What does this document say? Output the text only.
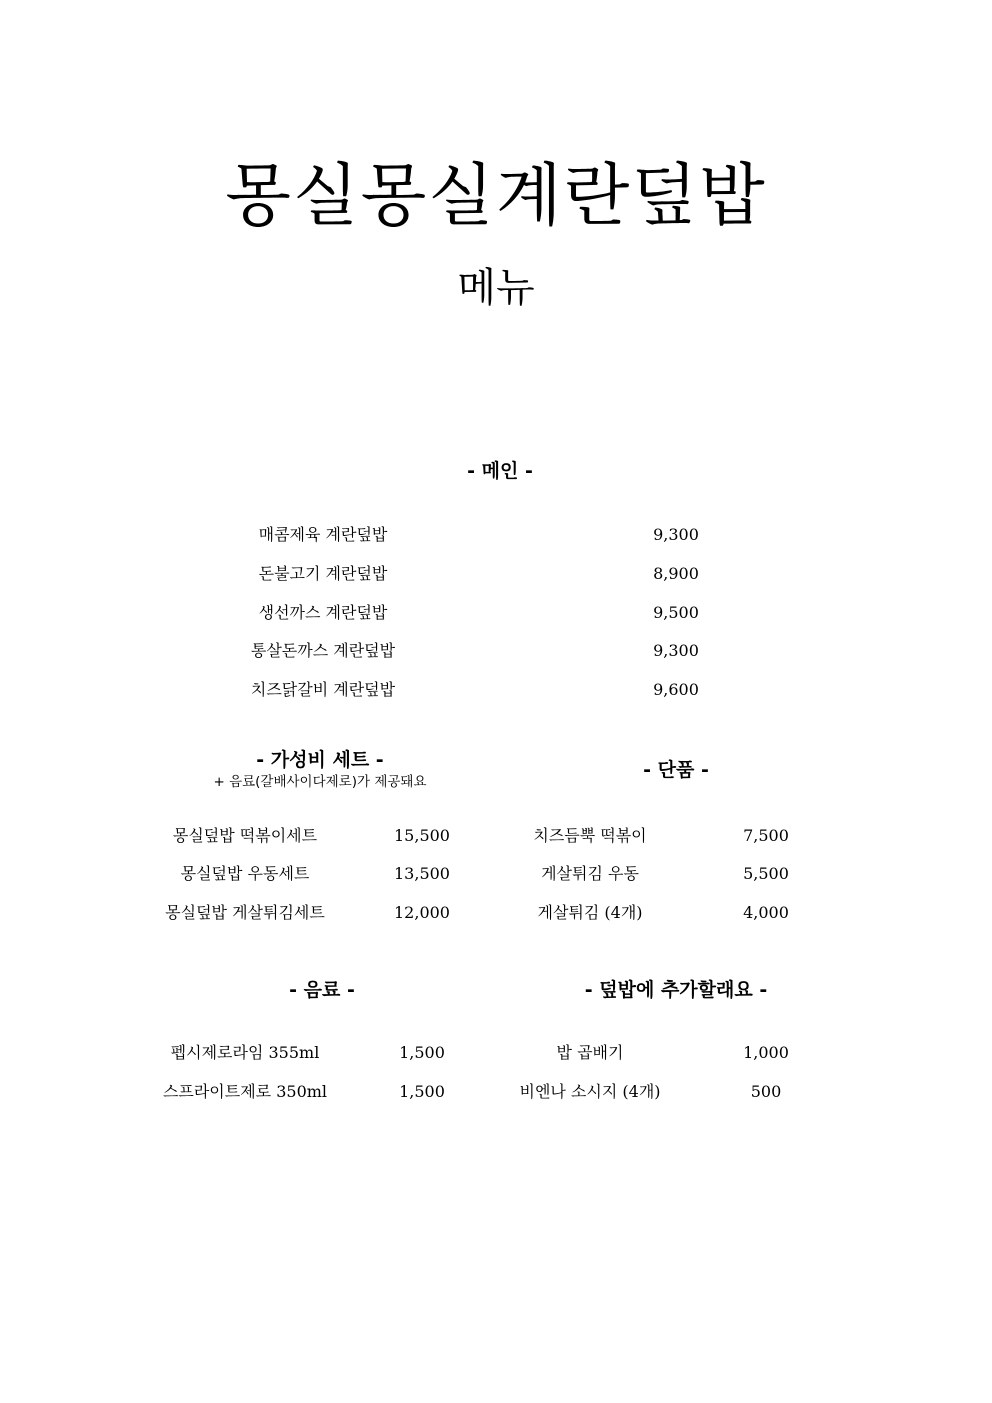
몽실몽실계란덮밥
메뉴
- 메인 -
매콤제육 계란덮밥	9,300
돈불고기 계란덮밥	8,900
생선까스 계란덮밥	9,500
통살돈까스 계란덮밥	9,300
치즈닭갈비 계란덮밥	9,600
- 가성비 세트 -
+ 음료(갈배사이다제로)가 제공돼요
몽실덮밥 떡볶이세트	15,500
몽실덮밥 우동세트	13,500
몽실덮밥 게살튀김세트	12,000
- 단품 -
치즈듬뿍 떡볶이	7,500
게살튀김 우동	5,500
게살튀김 (4개)	4,000
- 음료 -
펩시제로라임 355ml	1,500
스프라이트제로 350ml	1,500
- 덮밥에 추가할래요 -
밥 곱배기	1,000
비엔나 소시지 (4개)	500
